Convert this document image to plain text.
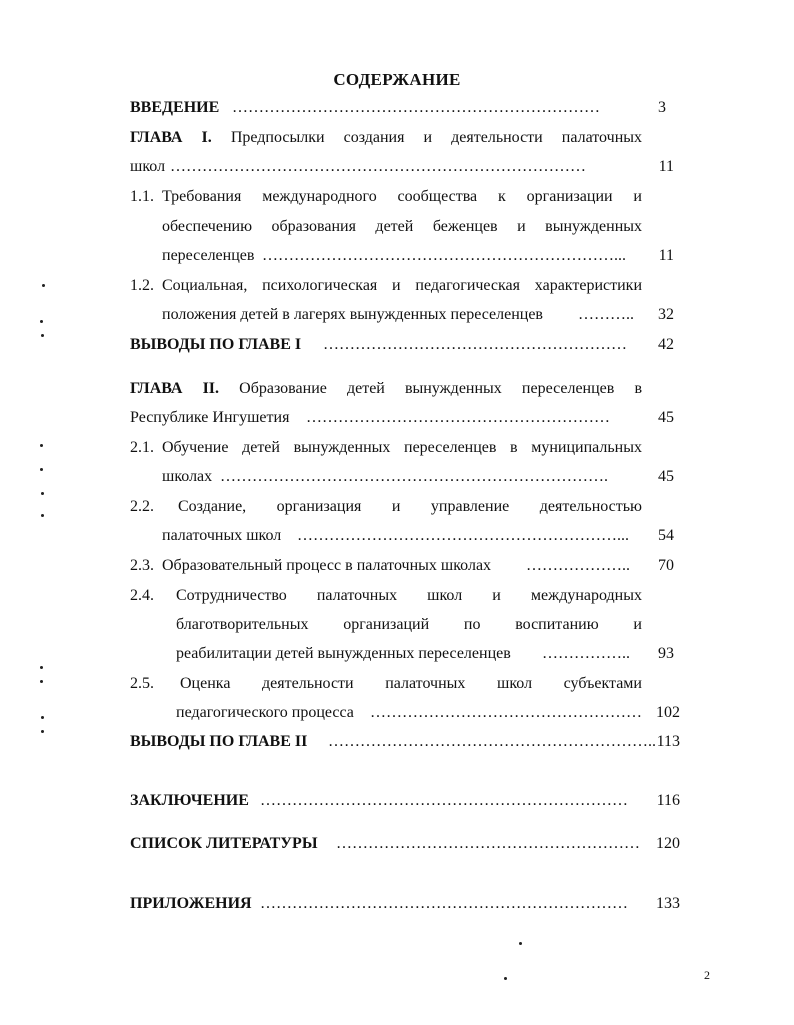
СОДЕРЖАНИЕ
ВВЕДЕНИЕ ……………………………………………………………	3
ГЛАВА I. Предпосылки создания и деятельности палаточных
школ ……………………………………………………………………	11
1.1. Требования международного сообщества к организации и
обеспечению образования детей беженцев и вынужденных
переселенцев …………………………………………………………...	11
1.2. Социальная, психологическая и педагогическая характеристики
положения детей в лагерях вынужденных переселенцев ………..	32
ВЫВОДЫ ПО ГЛАВЕ I …………………………………………………	42
ГЛАВА II. Образование детей вынужденных переселенцев в
Республике Ингушетия …………………………………………………	45
2.1. Обучение детей вынужденных переселенцев в муниципальных
школах ……………………………………………………………….	45
2.2. Создание, организация и управление деятельностью
палаточных школ ……………………………………………………...	54
2.3. Образовательный процесс в палаточных школах ………………..	70
2.4. Сотрудничество палаточных школ и международных
благотворительных организаций по воспитанию и
реабилитации детей вынужденных переселенцев ……………..	93
2.5. Оценка деятельности палаточных школ субъектами
педагогического процесса …………………………………………… 102
ВЫВОДЫ ПО ГЛАВЕ II …………………………………………………….. 113
ЗАКЛЮЧЕНИЕ ……………………………………………………………	116
СПИСОК ЛИТЕРАТУРЫ …………………………………………………	120
ПРИЛОЖЕНИЯ ……………………………………………………………	133
2
